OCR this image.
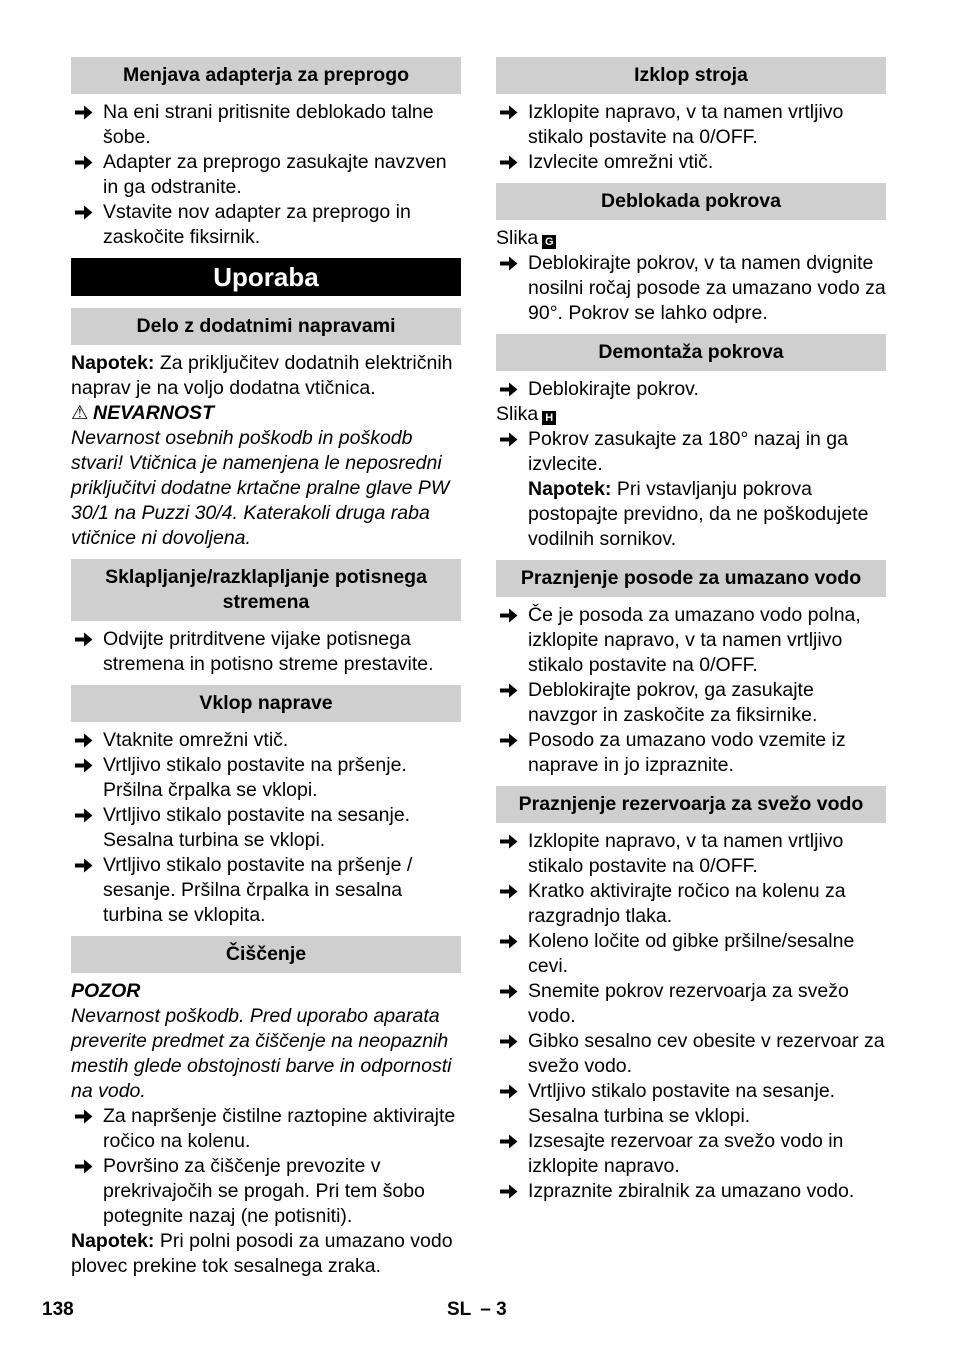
Menjava adapterja za preprogo
Na eni strani pritisnite deblokado talne šobe.
Adapter za preprogo zasukajte navzven in ga odstranite.
Vstavite nov adapter za preprogo in zaskočite fiksirnik.
Uporaba
Delo z dodatnimi napravami
Napotek: Za priključitev dodatnih električnih naprav je na voljo dodatna vtičnica.
⚠ NEVARNOST
Nevarnost osebnih poškodb in poškodb stvari! Vtičnica je namenjena le neposredni priključitvi dodatne krtačne pralne glave PW 30/1 na Puzzi 30/4. Katerakoli druga raba vtičnice ni dovoljena.
Sklapljanje/razklapljanje potisnega stremena
Odvijte pritrditvene vijake potisnega stremena in potisno streme prestavite.
Vklop naprave
Vtaknite omrežni vtič.
Vrtljivo stikalo postavite na pršenje. Pršilna črpalka se vklopi.
Vrtljivo stikalo postavite na sesanje. Sesalna turbina se vklopi.
Vrtljivo stikalo postavite na pršenje / sesanje. Pršilna črpalka in sesalna turbina se vklopita.
Čiščenje
POZOR
Nevarnost poškodb. Pred uporabo aparata preverite predmet za čiščenje na neopaznih mestih glede obstojnosti barve in odpornosti na vodo.
Za napršenje čistilne raztopine aktivirajte ročico na kolenu.
Površino za čiščenje prevozite v prekrivajočih se progah. Pri tem šobo potegnite nazaj (ne potisniti).
Napotek: Pri polni posodi za umazano vodo plovec prekine tok sesalnega zraka.
Izklop stroja
Izklopite napravo, v ta namen vrtljivo stikalo postavite na 0/OFF.
Izvlecite omrežni vtič.
Deblokada pokrova
Slika G
Deblokirajte pokrov, v ta namen dvignite nosilni ročaj posode za umazano vodo za 90°. Pokrov se lahko odpre.
Demontaža pokrova
Deblokirajte pokrov.
Slika H
Pokrov zasukajte za 180° nazaj in ga izvlecite.
Napotek: Pri vstavljanju pokrova postopajte previdno, da ne poškodujete vodilnih sornikov.
Praznjenje posode za umazano vodo
Če je posoda za umazano vodo polna, izklopite napravo, v ta namen vrtljivo stikalo postavite na 0/OFF.
Deblokirajte pokrov, ga zasukajte navzgor in zaskočite za fiksirnike.
Posodo za umazano vodo vzemite iz naprave in jo izpraznite.
Praznjenje rezervoarja za svežo vodo
Izklopite napravo, v ta namen vrtljivo stikalo postavite na 0/OFF.
Kratko aktivirajte ročico na kolenu za razgradnjo tlaka.
Koleno ločite od gibke pršilne/sesalne cevi.
Snemite pokrov rezervoarja za svežo vodo.
Gibko sesalno cev obesite v rezervoar za svežo vodo.
Vrtljivo stikalo postavite na sesanje. Sesalna turbina se vklopi.
Izsesajte rezervoar za svežo vodo in izklopite napravo.
Izpraznite zbiralnik za umazano vodo.
138	SL – 3
